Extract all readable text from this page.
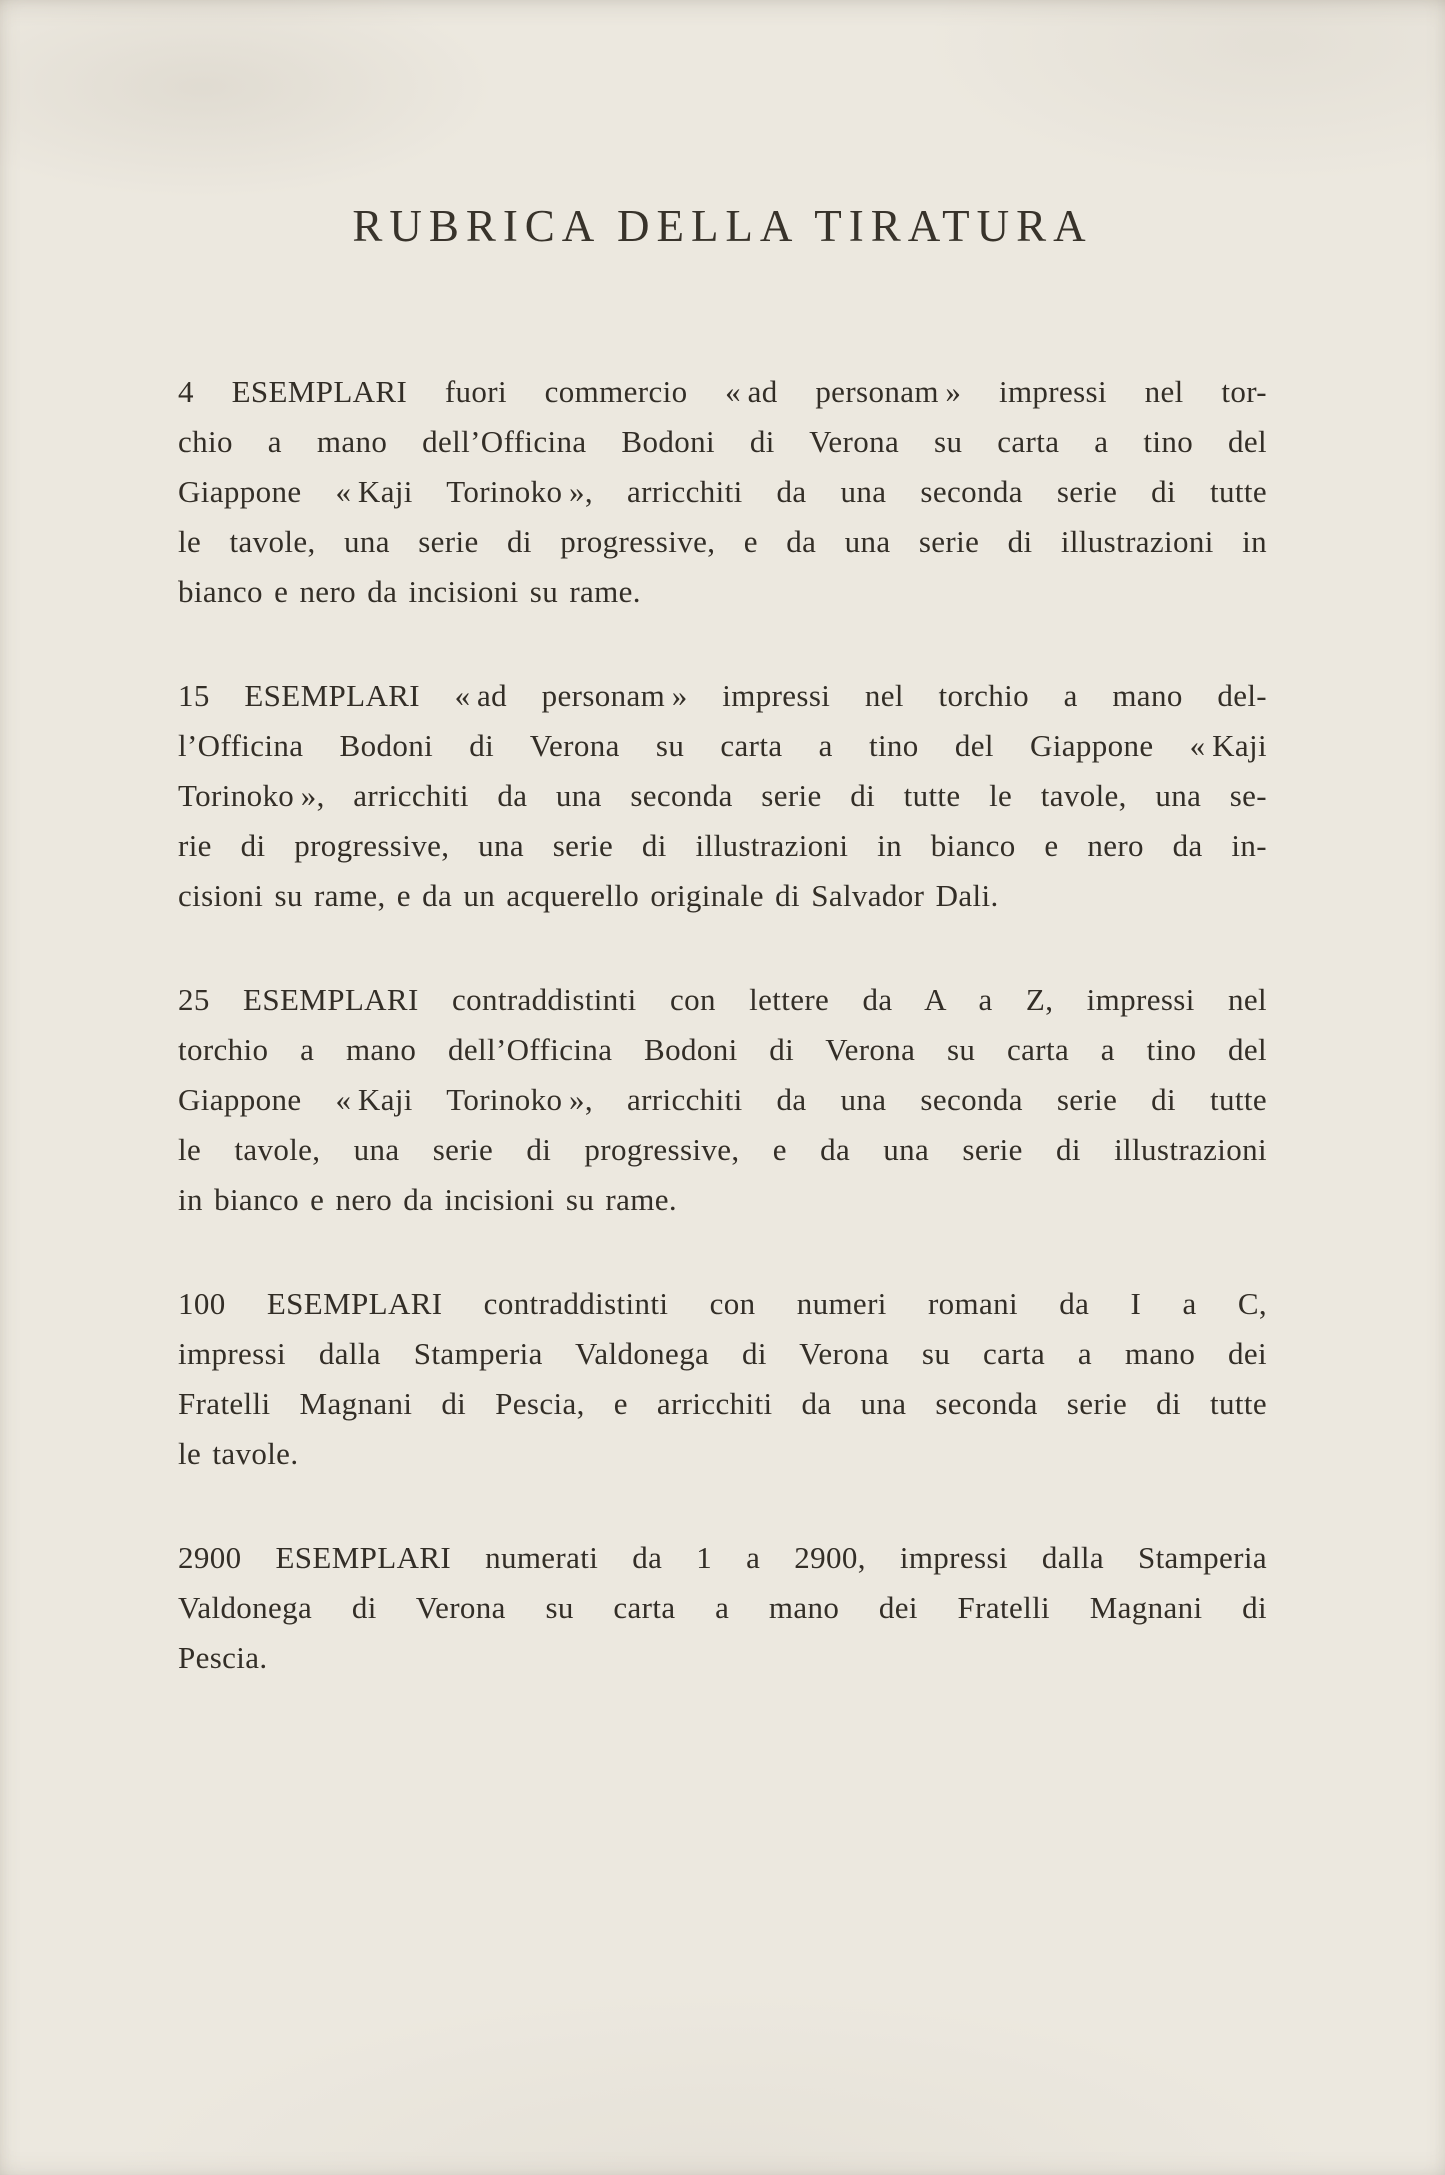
RUBRICA DELLA TIRATURA

4 ESEMPLARI fuori commercio « ad personam » impressi nel tor-
chio a mano dell’Officina Bodoni di Verona su carta a tino del
Giappone « Kaji Torinoko », arricchiti da una seconda serie di tutte
le tavole, una serie di progressive, e da una serie di illustrazioni in
bianco e nero da incisioni su rame.

15 ESEMPLARI « ad personam » impressi nel torchio a mano del-
l’Officina Bodoni di Verona su carta a tino del Giappone « Kaji
Torinoko », arricchiti da una seconda serie di tutte le tavole, una se-
rie di progressive, una serie di illustrazioni in bianco e nero da in-
cisioni su rame, e da un acquerello originale di Salvador Dali.

25 ESEMPLARI contraddistinti con lettere da A a Z, impressi nel
torchio a mano dell’Officina Bodoni di Verona su carta a tino del
Giappone « Kaji Torinoko », arricchiti da una seconda serie di tutte
le tavole, una serie di progressive, e da una serie di illustrazioni
in bianco e nero da incisioni su rame.

100 ESEMPLARI contraddistinti con numeri romani da I a C,
impressi dalla Stamperia Valdonega di Verona su carta a mano dei
Fratelli Magnani di Pescia, e arricchiti da una seconda serie di tutte
le tavole.

2900 ESEMPLARI numerati da 1 a 2900, impressi dalla Stamperia
Valdonega di Verona su carta a mano dei Fratelli Magnani di
Pescia.
